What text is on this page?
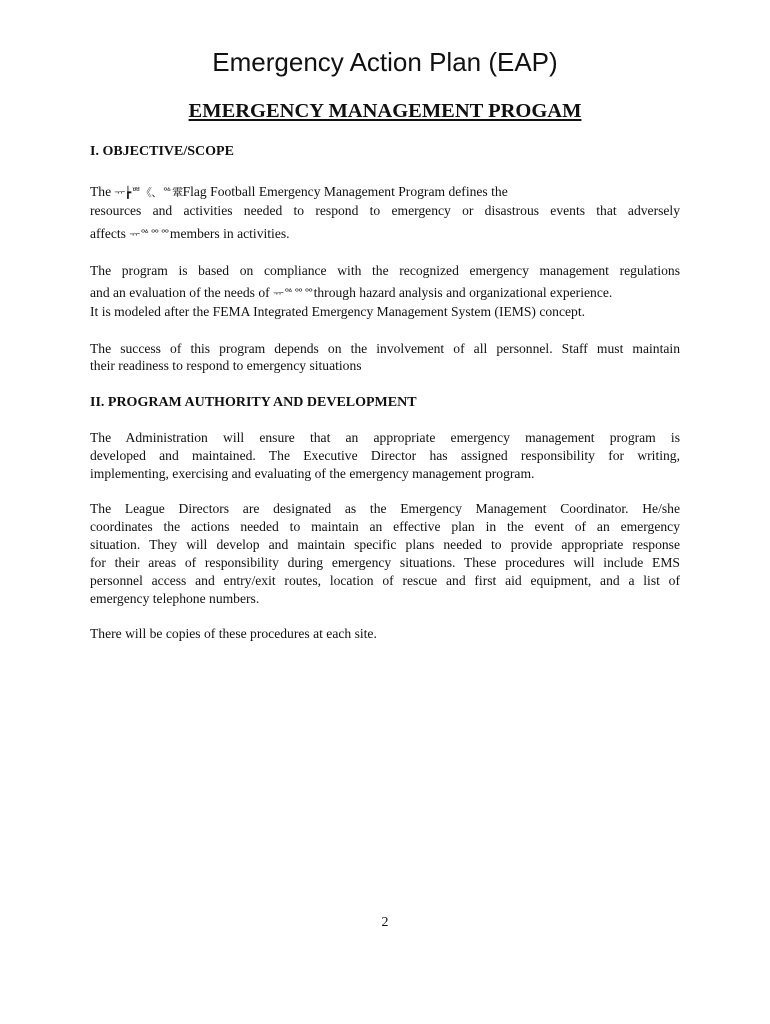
Emergency Action Plan (EAP)
EMERGENCY MANAGEMENT PROGAM
I. OBJECTIVE/SCOPE
The ᅲ┢ᄈ《、ᅆ䨣Flag Football Emergency Management Program defines the
resources and activities needed to respond to emergency or disastrous events that adversely
affects ᅲᅆᅇᅇmembers in activities.
The program is based on compliance with the recognized emergency management regulations
and an evaluation of the needs of ᅲᅆᅇᅇthrough hazard analysis and organizational experience.
It is modeled after the FEMA Integrated Emergency Management System (IEMS) concept.
The success of this program depends on the involvement of all personnel. Staff must maintain
their readiness to respond to emergency situations
II. PROGRAM AUTHORITY AND DEVELOPMENT
The Administration will ensure that an appropriate emergency management program is
developed and maintained. The Executive Director has assigned responsibility for writing,
implementing, exercising and evaluating of the emergency management program.
The League Directors are designated as the Emergency Management Coordinator. He/she
coordinates the actions needed to maintain an effective plan in the event of an emergency
situation. They will develop and maintain specific plans needed to provide appropriate response
for their areas of responsibility during emergency situations. These procedures will include EMS
personnel access and entry/exit routes, location of rescue and first aid equipment, and a list of
emergency telephone numbers.
There will be copies of these procedures at each site.
2
